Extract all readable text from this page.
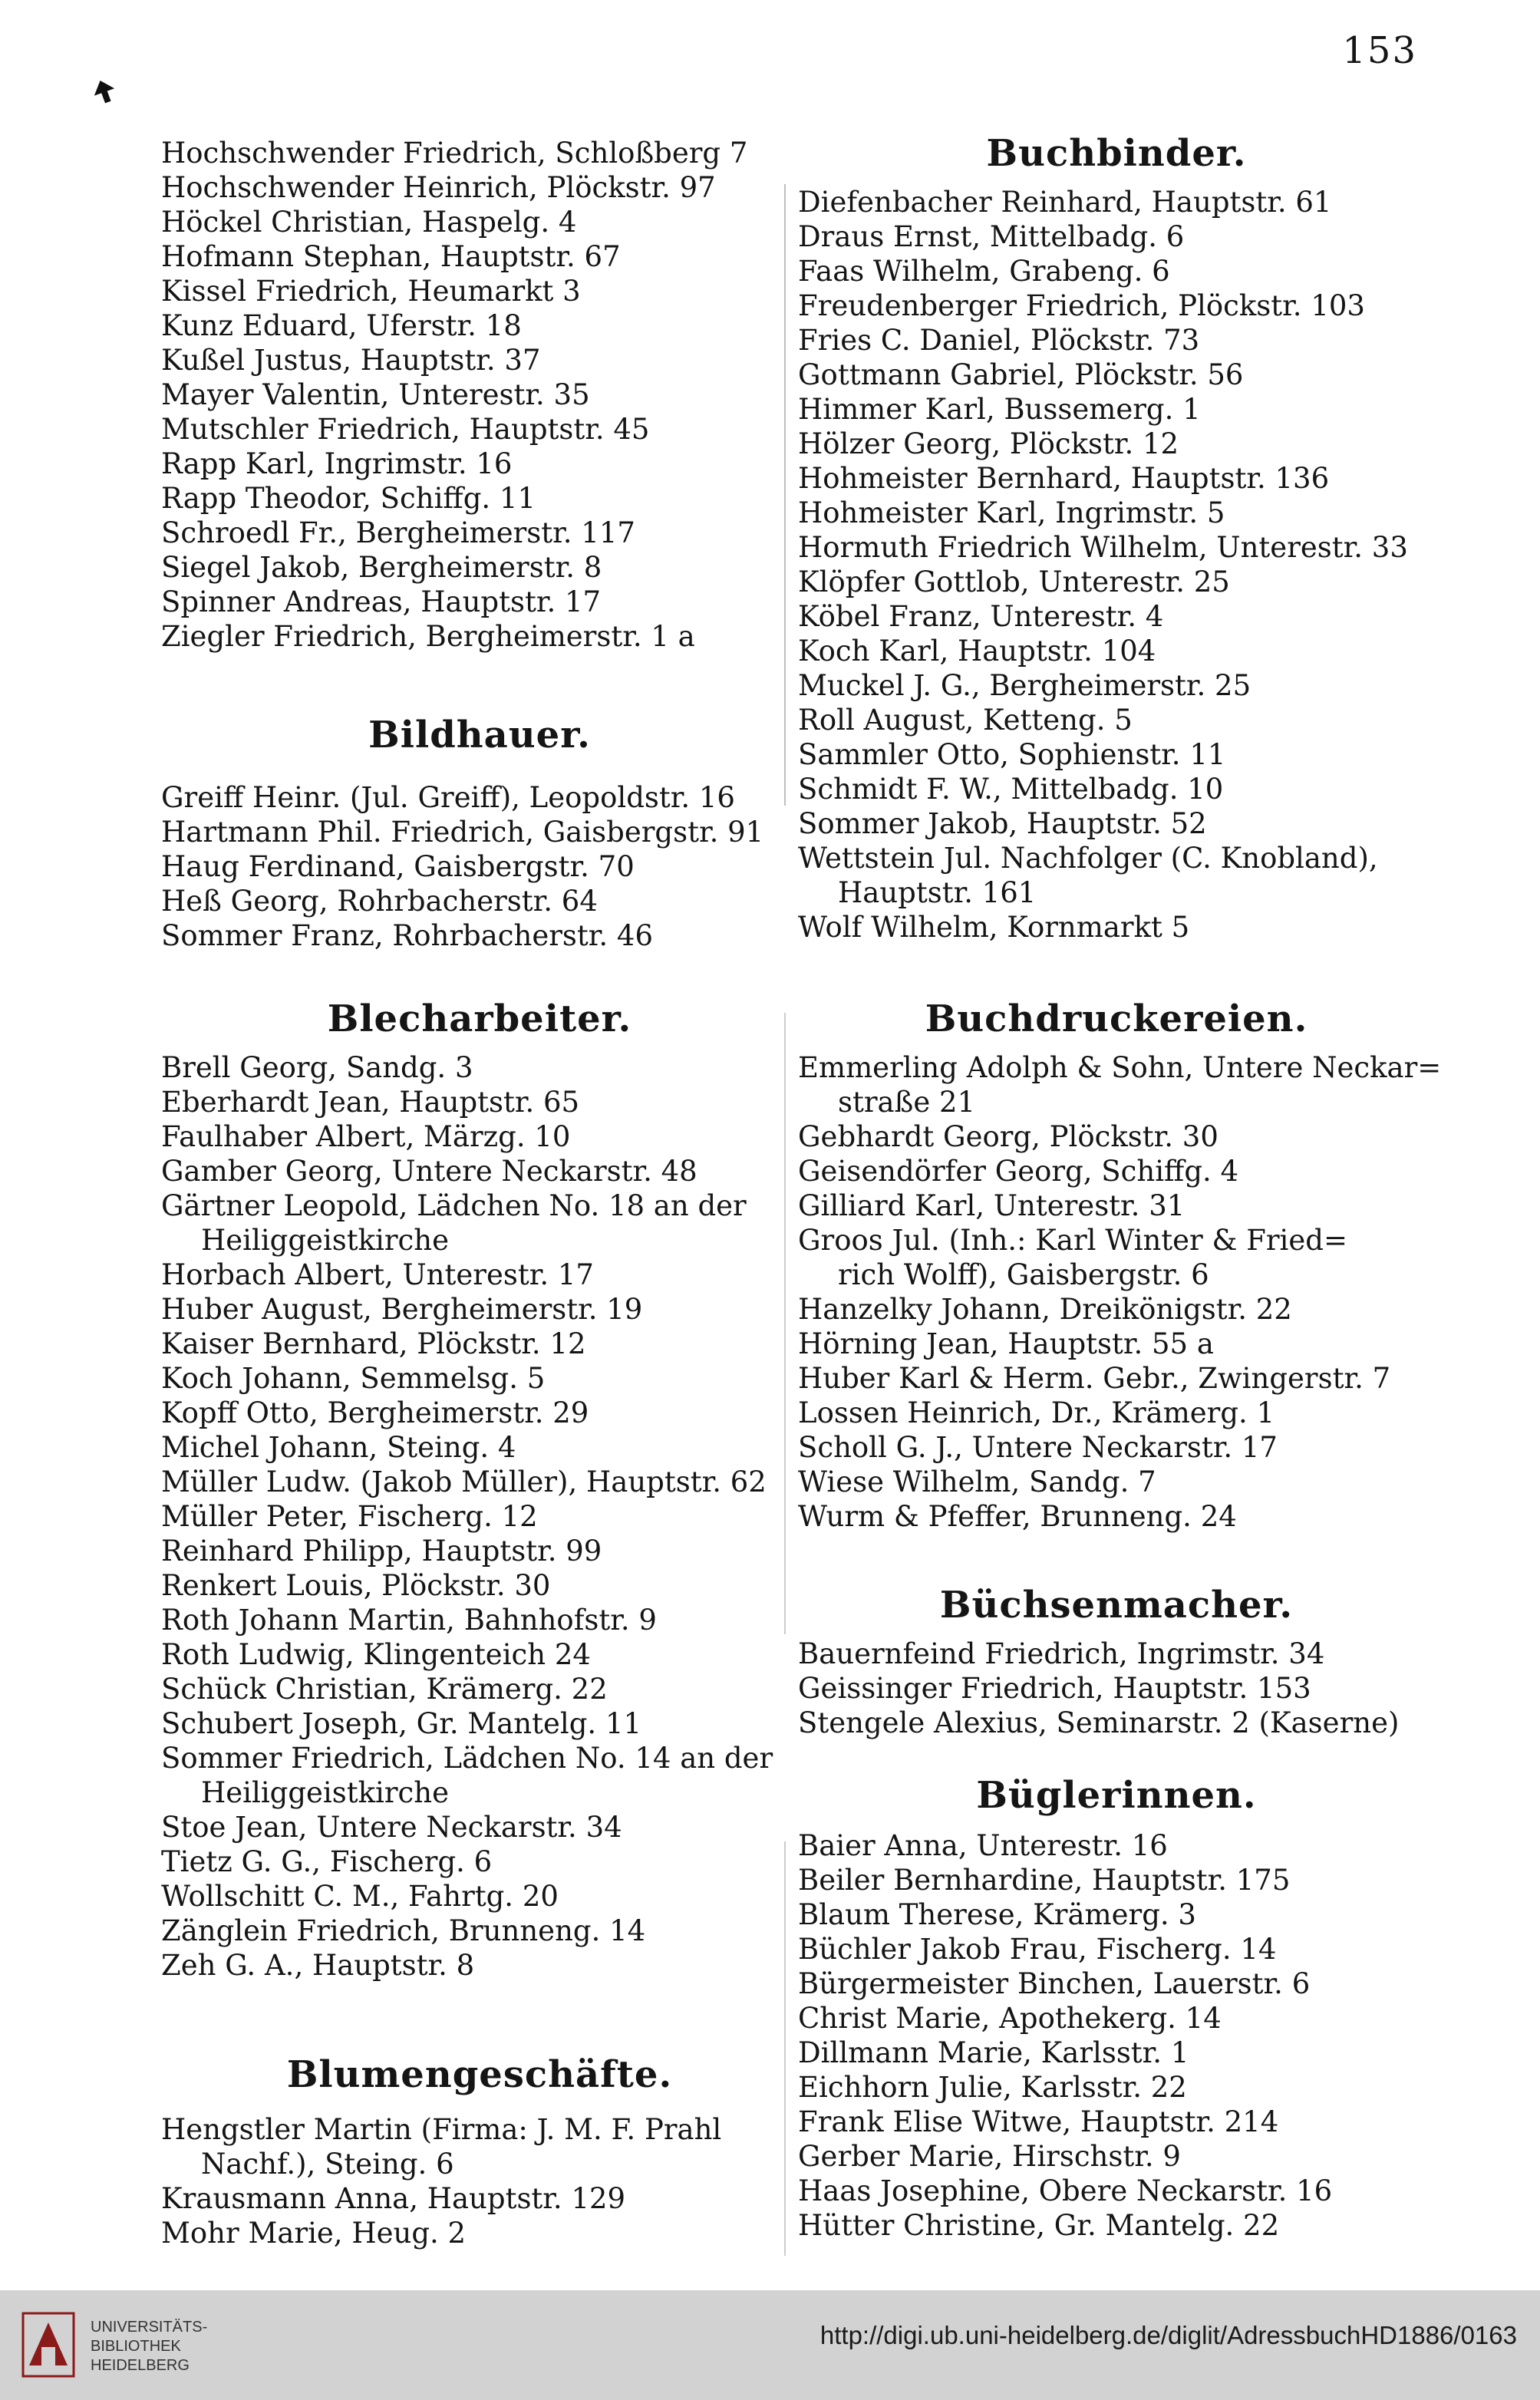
153
Hochschwender Friedrich, Schloßberg 7
Hochschwender Heinrich, Plöckstr. 97
Höckel Christian, Haspelg. 4
Hofmann Stephan, Hauptstr. 67
Kissel Friedrich, Heumarkt 3
Kunz Eduard, Uferstr. 18
Kußel Justus, Hauptstr. 37
Mayer Valentin, Unterestr. 35
Mutschler Friedrich, Hauptstr. 45
Rapp Karl, Ingrimstr. 16
Rapp Theodor, Schiffg. 11
Schroedl Fr., Bergheimerstr. 117
Siegel Jakob, Bergheimerstr. 8
Spinner Andreas, Hauptstr. 17
Ziegler Friedrich, Bergheimerstr. 1 a
Bildhauer.
Greiff Heinr. (Jul. Greiff), Leopoldstr. 16
Hartmann Phil. Friedrich, Gaisbergstr. 91
Haug Ferdinand, Gaisbergstr. 70
Heß Georg, Rohrbacherstr. 64
Sommer Franz, Rohrbacherstr. 46
Blecharbeiter.
Brell Georg, Sandg. 3
Eberhardt Jean, Hauptstr. 65
Faulhaber Albert, Märzg. 10
Gamber Georg, Untere Neckarstr. 48
Gärtner Leopold, Lädchen No. 18 an der
Heiliggeistkirche
Horbach Albert, Unterestr. 17
Huber August, Bergheimerstr. 19
Kaiser Bernhard, Plöckstr. 12
Koch Johann, Semmelsg. 5
Kopff Otto, Bergheimerstr. 29
Michel Johann, Steing. 4
Müller Ludw. (Jakob Müller), Hauptstr. 62
Müller Peter, Fischerg. 12
Reinhard Philipp, Hauptstr. 99
Renkert Louis, Plöckstr. 30
Roth Johann Martin, Bahnhofstr. 9
Roth Ludwig, Klingenteich 24
Schück Christian, Krämerg. 22
Schubert Joseph, Gr. Mantelg. 11
Sommer Friedrich, Lädchen No. 14 an der
Heiliggeistkirche
Stoe Jean, Untere Neckarstr. 34
Tietz G. G., Fischerg. 6
Wollschitt C. M., Fahrtg. 20
Zänglein Friedrich, Brunneng. 14
Zeh G. A., Hauptstr. 8
Blumengeschäfte.
Hengstler Martin (Firma: J. M. F. Prahl
Nachf.), Steing. 6
Krausmann Anna, Hauptstr. 129
Mohr Marie, Heug. 2
Buchbinder.
Diefenbacher Reinhard, Hauptstr. 61
Draus Ernst, Mittelbadg. 6
Faas Wilhelm, Grabeng. 6
Freudenberger Friedrich, Plöckstr. 103
Fries C. Daniel, Plöckstr. 73
Gottmann Gabriel, Plöckstr. 56
Himmer Karl, Bussemerg. 1
Hölzer Georg, Plöckstr. 12
Hohmeister Bernhard, Hauptstr. 136
Hohmeister Karl, Ingrimstr. 5
Hormuth Friedrich Wilhelm, Unterestr. 33
Klöpfer Gottlob, Unterestr. 25
Köbel Franz, Unterestr. 4
Koch Karl, Hauptstr. 104
Muckel J. G., Bergheimerstr. 25
Roll August, Ketteng. 5
Sammler Otto, Sophienstr. 11
Schmidt F. W., Mittelbadg. 10
Sommer Jakob, Hauptstr. 52
Wettstein Jul. Nachfolger (C. Knobland),
Hauptstr. 161
Wolf Wilhelm, Kornmarkt 5
Buchdruckereien.
Emmerling Adolph & Sohn, Untere Neckar=
straße 21
Gebhardt Georg, Plöckstr. 30
Geisendörfer Georg, Schiffg. 4
Gilliard Karl, Unterestr. 31
Groos Jul. (Inh.: Karl Winter & Fried=
rich Wolff), Gaisbergstr. 6
Hanzelky Johann, Dreikönigstr. 22
Hörning Jean, Hauptstr. 55 a
Huber Karl & Herm. Gebr., Zwingerstr. 7
Lossen Heinrich, Dr., Krämerg. 1
Scholl G. J., Untere Neckarstr. 17
Wiese Wilhelm, Sandg. 7
Wurm & Pfeffer, Brunneng. 24
Büchsenmacher.
Bauernfeind Friedrich, Ingrimstr. 34
Geissinger Friedrich, Hauptstr. 153
Stengele Alexius, Seminarstr. 2 (Kaserne)
Büglerinnen.
Baier Anna, Unterestr. 16
Beiler Bernhardine, Hauptstr. 175
Blaum Therese, Krämerg. 3
Büchler Jakob Frau, Fischerg. 14
Bürgermeister Binchen, Lauerstr. 6
Christ Marie, Apothekerg. 14
Dillmann Marie, Karlsstr. 1
Eichhorn Julie, Karlsstr. 22
Frank Elise Witwe, Hauptstr. 214
Gerber Marie, Hirschstr. 9
Haas Josephine, Obere Neckarstr. 16
Hütter Christine, Gr. Mantelg. 22
UNIVERSITÄTS-
BIBLIOTHEK
HEIDELBERG
http://digi.ub.uni-heidelberg.de/diglit/AdressbuchHD1886/0163
